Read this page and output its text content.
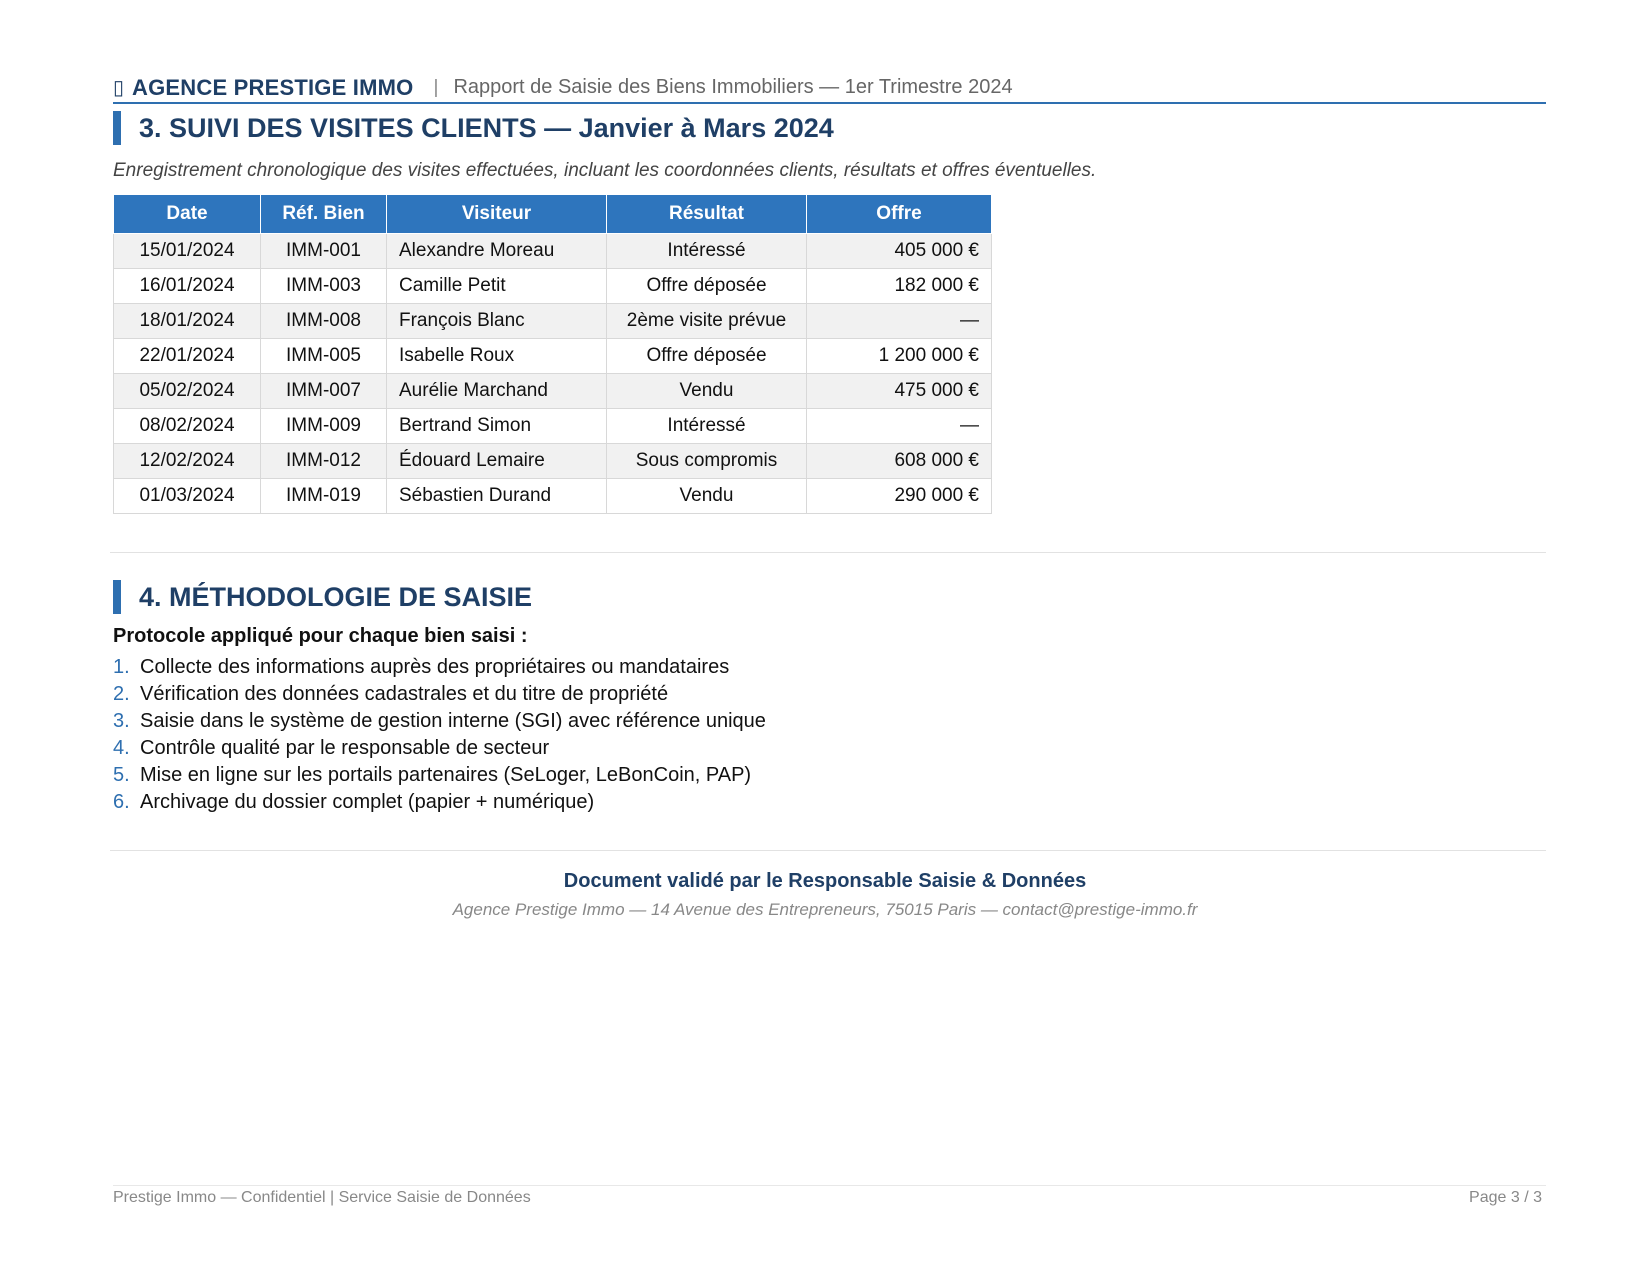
▯ AGENCE PRESTIGE IMMO | Rapport de Saisie des Biens Immobiliers — 1er Trimestre 2024
3. SUIVI DES VISITES CLIENTS — Janvier à Mars 2024
Enregistrement chronologique des visites effectuées, incluant les coordonnées clients, résultats et offres éventuelles.
Date	Réf. Bien	Visiteur	Résultat	Offre
15/01/2024	IMM-001	Alexandre Moreau	Intéressé	405 000 €
16/01/2024	IMM-003	Camille Petit	Offre déposée	182 000 €
18/01/2024	IMM-008	François Blanc	2ème visite prévue	—
22/01/2024	IMM-005	Isabelle Roux	Offre déposée	1 200 000 €
05/02/2024	IMM-007	Aurélie Marchand	Vendu	475 000 €
08/02/2024	IMM-009	Bertrand Simon	Intéressé	—
12/02/2024	IMM-012	Édouard Lemaire	Sous compromis	608 000 €
01/03/2024	IMM-019	Sébastien Durand	Vendu	290 000 €
4. MÉTHODOLOGIE DE SAISIE
Protocole appliqué pour chaque bien saisi :
1. Collecte des informations auprès des propriétaires ou mandataires
2. Vérification des données cadastrales et du titre de propriété
3. Saisie dans le système de gestion interne (SGI) avec référence unique
4. Contrôle qualité par le responsable de secteur
5. Mise en ligne sur les portails partenaires (SeLoger, LeBonCoin, PAP)
6. Archivage du dossier complet (papier + numérique)
Document validé par le Responsable Saisie & Données
Agence Prestige Immo — 14 Avenue des Entrepreneurs, 75015 Paris — contact@prestige-immo.fr
Prestige Immo — Confidentiel | Service Saisie de Données	Page 3 / 3
